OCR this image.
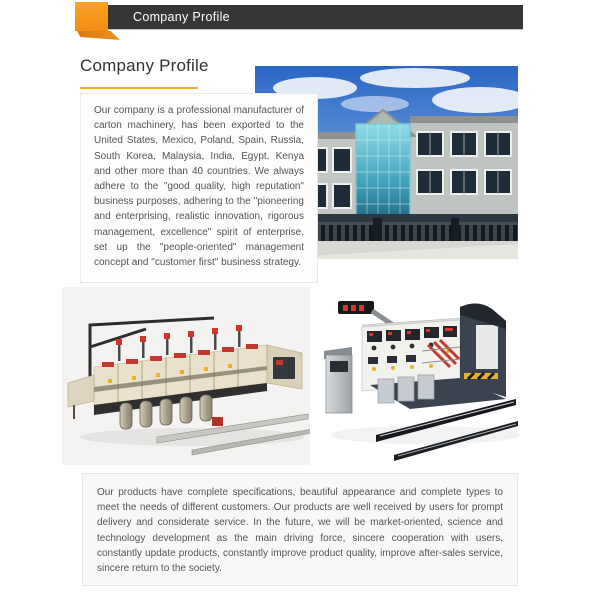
Company Profile
Company Profile

Our company is a professional manufacturer of carton machinery, has been exported to the United States, Mexico, Poland, Spain, Russia, South Korea, Malaysia, India, Egypt, Kenya and other more than 40 countries. We always adhere to the "good quality, high reputation" business purposes, adhering to the "pioneering and enterprising, realistic innovation, rigorous management, excellence" spirit of enterprise, set up the "people-oriented" management concept and "customer first" business strategy.

Our products have complete specifications, beautiful appearance and complete types to meet the needs of different customers. Our products are well received by users for prompt delivery and considerate service. In the future, we will be market-oriented, science and technology development as the main driving force, sincere cooperation with users, constantly update products, constantly improve product quality, improve after-sales service, sincere return to the society.
